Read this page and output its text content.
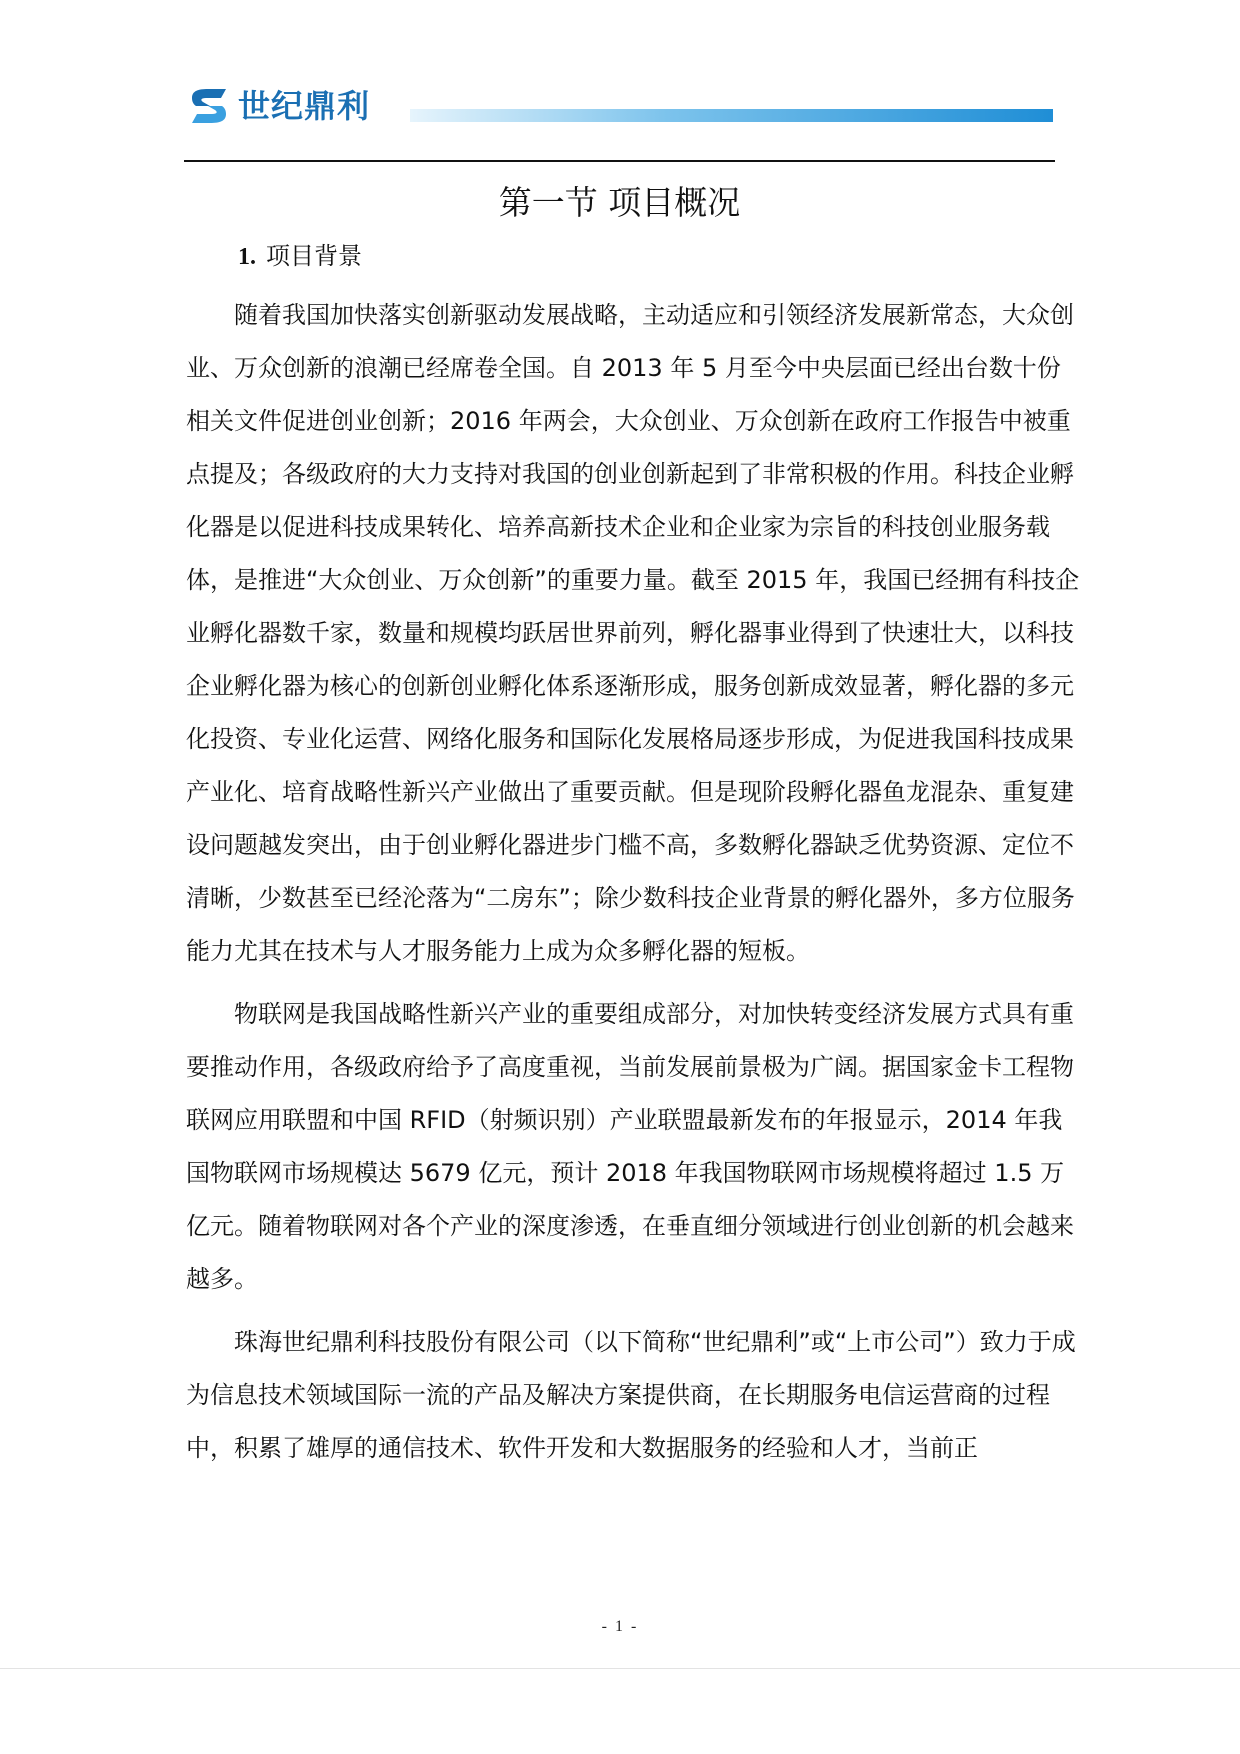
世纪鼎利
第一节 项目概况

1. 项目背景

随着我国加快落实创新驱动发展战略，主动适应和引领经济发展新常态，大众创业、万众创新的浪潮已经席卷全国。自 2013 年 5 月至今中央层面已经出台数十份相关文件促进创业创新；2016 年两会，大众创业、万众创新在政府工作报告中被重点提及；各级政府的大力支持对我国的创业创新起到了非常积极的作用。科技企业孵化器是以促进科技成果转化、培养高新技术企业和企业家为宗旨的科技创业服务载体，是推进“大众创业、万众创新”的重要力量。截至 2015 年，我国已经拥有科技企业孵化器数千家，数量和规模均跃居世界前列，孵化器事业得到了快速壮大，以科技企业孵化器为核心的创新创业孵化体系逐渐形成，服务创新成效显著，孵化器的多元化投资、专业化运营、网络化服务和国际化发展格局逐步形成，为促进我国科技成果产业化、培育战略性新兴产业做出了重要贡献。但是现阶段孵化器鱼龙混杂、重复建设问题越发突出，由于创业孵化器进步门槛不高，多数孵化器缺乏优势资源、定位不清晰，少数甚至已经沦落为“二房东”；除少数科技企业背景的孵化器外，多方位服务能力尤其在技术与人才服务能力上成为众多孵化器的短板。

物联网是我国战略性新兴产业的重要组成部分，对加快转变经济发展方式具有重要推动作用，各级政府给予了高度重视，当前发展前景极为广阔。据国家金卡工程物联网应用联盟和中国 RFID（射频识别）产业联盟最新发布的年报显示，2014 年我国物联网市场规模达 5679 亿元，预计 2018 年我国物联网市场规模将超过 1.5 万亿元。随着物联网对各个产业的深度渗透，在垂直细分领域进行创业创新的机会越来越多。

珠海世纪鼎利科技股份有限公司（以下简称“世纪鼎利”或“上市公司”）致力于成为信息技术领域国际一流的产品及解决方案提供商，在长期服务电信运营商的过程中，积累了雄厚的通信技术、软件开发和大数据服务的经验和人才，当前正

- 1 -
